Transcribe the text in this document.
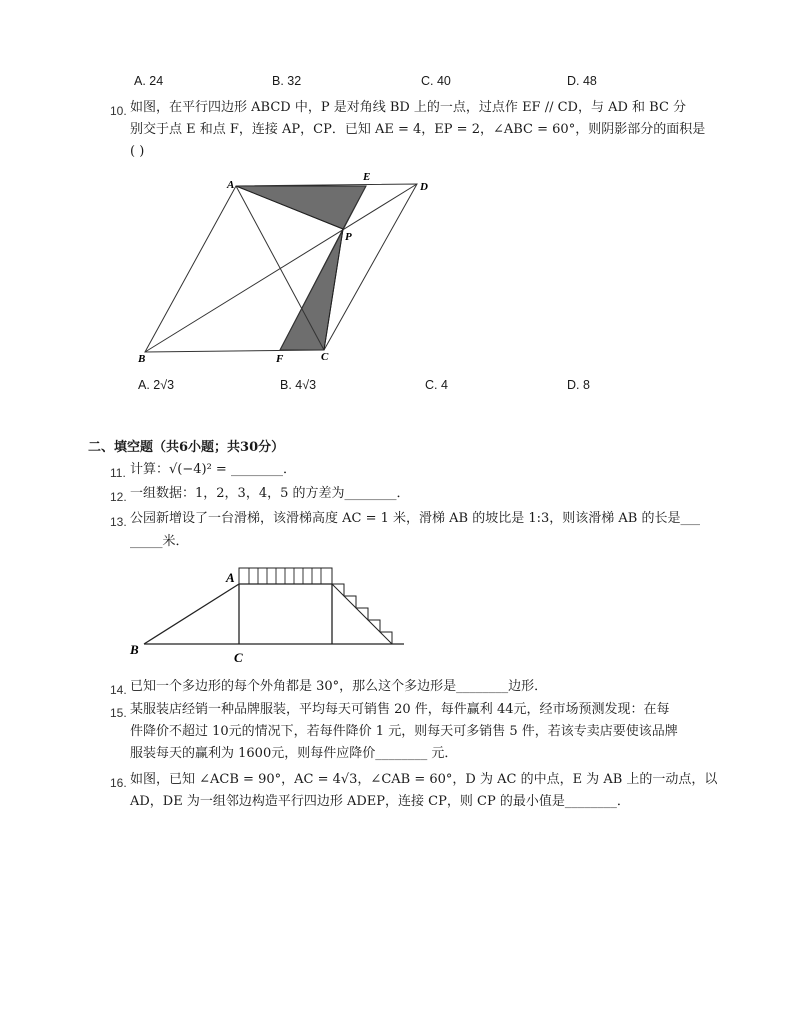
A. 24	B. 32	C. 40	D. 48
10. 如图，在平行四边形 ABCD 中，P 是对角线 BD 上的一点，过点作 EF // CD，与 AD 和 BC 分
别交于点 E 和点 F，连接 AP，CP．已知 AE = 4，EP = 2，∠ABC = 60°，则阴影部分的面积是
( )
A
E
D
P
B	F	C
A. 2√3	B. 4√3	C. 4	D. 8
二、填空题（共6小题；共30分）
11. 计算：√(−4)² = ________．
12. 一组数据：1，2，3，4，5 的方差为________．
13. 公园新增设了一台滑梯，该滑梯高度 AC = 1 米，滑梯 AB 的坡比是 1:3，则该滑梯 AB 的长是___
_____米．
A
B
C
14. 已知一个多边形的每个外角都是 30°，那么这个多边形是________边形．
15. 某服装店经销一种品牌服装，平均每天可销售 20 件，每件赢利 44元，经市场预测发现：在每
件降价不超过 10元的情况下，若每件降价 1 元，则每天可多销售 5 件，若该专卖店要使该品牌
服装每天的赢利为 1600元，则每件应降价________ 元．
16. 如图，已知 ∠ACB = 90°，AC = 4√3，∠CAB = 60°，D 为 AC 的中点，E 为 AB 上的一动点，以
AD，DE 为一组邻边构造平行四边形 ADEP，连接 CP，则 CP 的最小值是________．
